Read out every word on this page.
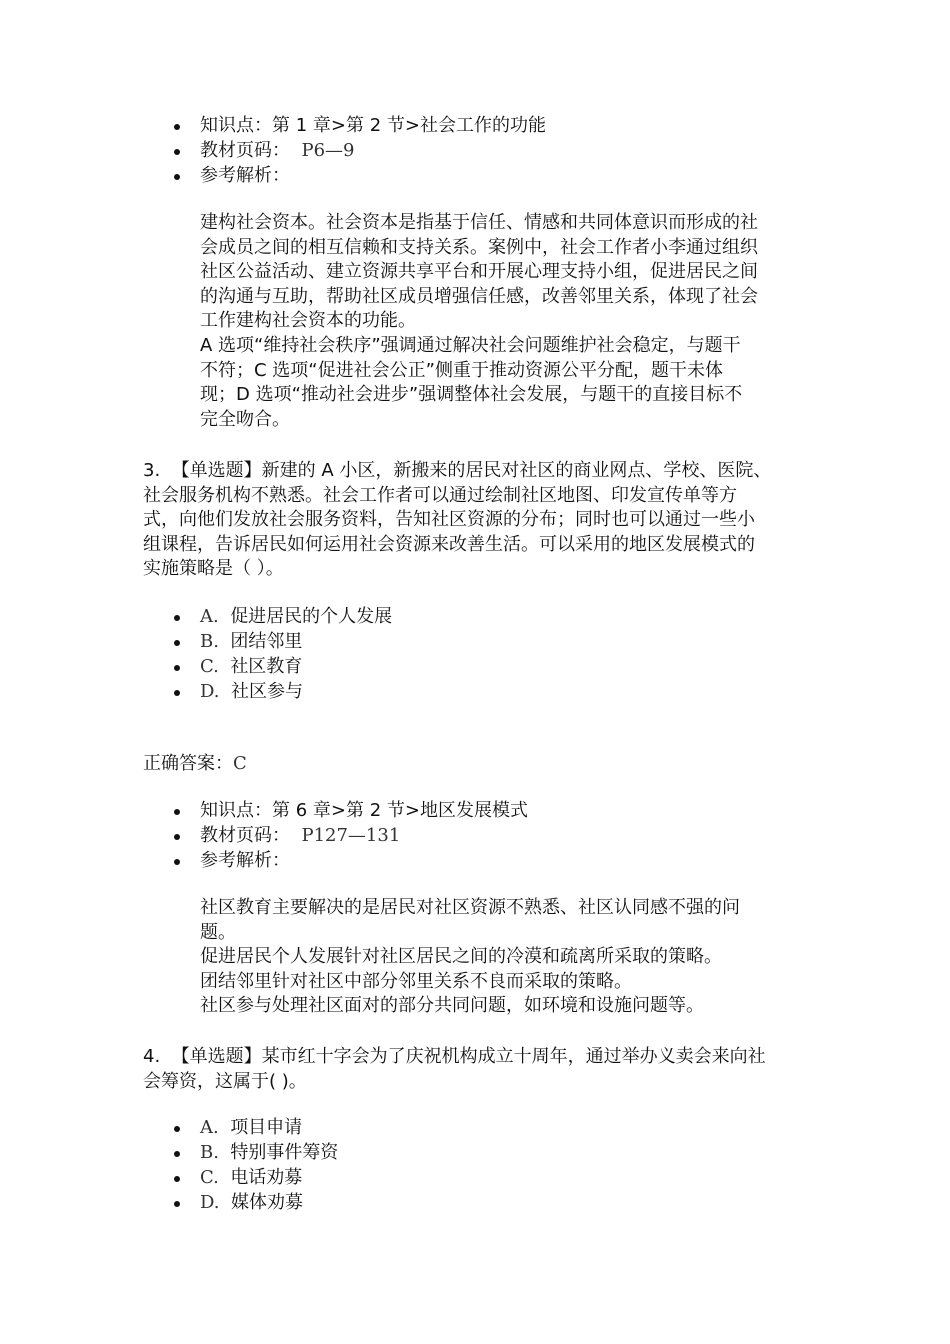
知识点：第 1 章>第 2 节>社会工作的功能
教材页码： P6—9
参考解析：
建构社会资本。社会资本是指基于信任、情感和共同体意识而形成的社
会成员之间的相互信赖和支持关系。案例中，社会工作者小李通过组织
社区公益活动、建立资源共享平台和开展心理支持小组，促进居民之间
的沟通与互助，帮助社区成员增强信任感，改善邻里关系，体现了社会
工作建构社会资本的功能。
A 选项“维持社会秩序”强调通过解决社会问题维护社会稳定，与题干
不符；C 选项“促进社会公正”侧重于推动资源公平分配，题干未体
现；D 选项“推动社会进步”强调整体社会发展，与题干的直接目标不
完全吻合。
3. 【单选题】新建的 A 小区，新搬来的居民对社区的商业网点、学校、医院、
社会服务机构不熟悉。社会工作者可以通过绘制社区地图、印发宣传单等方
式，向他们发放社会服务资料，告知社区资源的分布；同时也可以通过一些小
组课程，告诉居民如何运用社会资源来改善生活。可以采用的地区发展模式的
实施策略是（ ）。
A. 促进居民的个人发展
B. 团结邻里
C. 社区教育
D. 社区参与
正确答案：C
知识点：第 6 章>第 2 节>地区发展模式
教材页码： P127—131
参考解析：
社区教育主要解决的是居民对社区资源不熟悉、社区认同感不强的问
题。
促进居民个人发展针对社区居民之间的冷漠和疏离所采取的策略。
团结邻里针对社区中部分邻里关系不良而采取的策略。
社区参与处理社区面对的部分共同问题，如环境和设施问题等。
4. 【单选题】某市红十字会为了庆祝机构成立十周年，通过举办义卖会来向社
会筹资，这属于( )。
A. 项目申请
B. 特别事件筹资
C. 电话劝募
D. 媒体劝募
